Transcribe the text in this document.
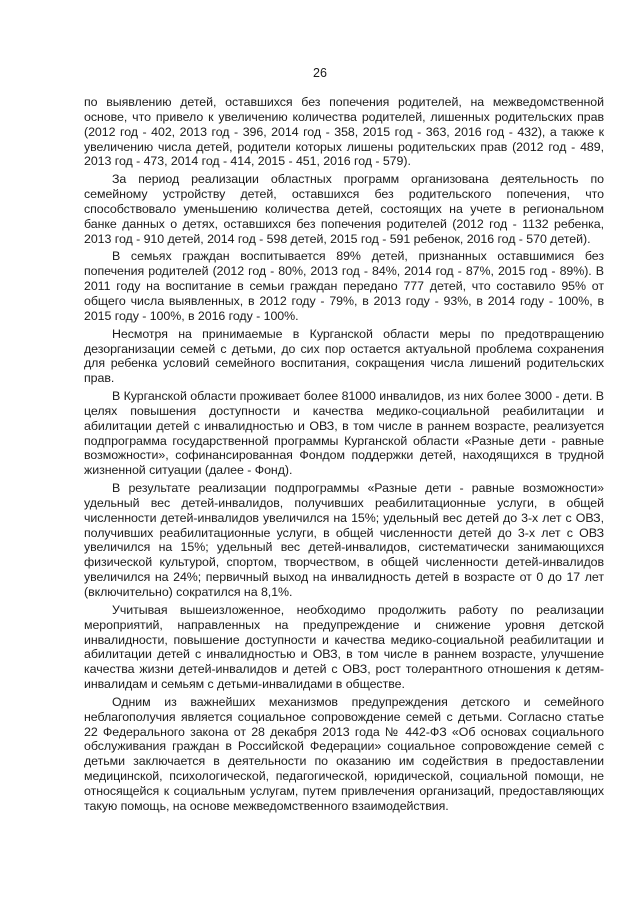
26

по выявлению детей, оставшихся без попечения родителей, на межведомственной основе, что привело к увеличению количества родителей, лишенных родительских прав (2012 год - 402, 2013 год - 396, 2014 год - 358, 2015 год - 363, 2016 год - 432), а также к увеличению числа детей, родители которых лишены родительских прав (2012 год - 489, 2013 год - 473, 2014 год - 414, 2015 - 451, 2016 год - 579).

За период реализации областных программ организована деятельность по семейному устройству детей, оставшихся без родительского попечения, что способствовало уменьшению количества детей, состоящих на учете в региональном банке данных о детях, оставшихся без попечения родителей (2012 год - 1132 ребенка, 2013 год - 910 детей, 2014 год - 598 детей, 2015 год - 591 ребенок, 2016 год - 570 детей).

В семьях граждан воспитывается 89% детей, признанных оставшимися без попечения родителей (2012 год - 80%, 2013 год - 84%, 2014 год - 87%, 2015 год - 89%). В 2011 году на воспитание в семьи граждан передано 777 детей, что составило 95% от общего числа выявленных, в 2012 году - 79%, в 2013 году - 93%, в 2014 году - 100%, в 2015 году - 100%, в 2016 году - 100%.

Несмотря на принимаемые в Курганской области меры по предотвращению дезорганизации семей с детьми, до сих пор остается актуальной проблема сохранения для ребенка условий семейного воспитания, сокращения числа лишений родительских прав.

В Курганской области проживает более 81000 инвалидов, из них более 3000 - дети. В целях повышения доступности и качества медико-социальной реабилитации и абилитации детей с инвалидностью и ОВЗ, в том числе в раннем возрасте, реализуется подпрограмма государственной программы Курганской области «Разные дети - равные возможности», софинансированная Фондом поддержки детей, находящихся в трудной жизненной ситуации (далее - Фонд).

В результате реализации подпрограммы «Разные дети - равные возможности» удельный вес детей-инвалидов, получивших реабилитационные услуги, в общей численности детей-инвалидов увеличился на 15%; удельный вес детей до 3-х лет с ОВЗ, получивших реабилитационные услуги, в общей численности детей до 3-х лет с ОВЗ увеличился на 15%; удельный вес детей-инвалидов, систематически занимающихся физической культурой, спортом, творчеством, в общей численности детей-инвалидов увеличился на 24%; первичный выход на инвалидность детей в возрасте от 0 до 17 лет (включительно) сократился на 8,1%.

Учитывая вышеизложенное, необходимо продолжить работу по реализации мероприятий, направленных на предупреждение и снижение уровня детской инвалидности, повышение доступности и качества медико-социальной реабилитации и абилитации детей с инвалидностью и ОВЗ, в том числе в раннем возрасте, улучшение качества жизни детей-инвалидов и детей с ОВЗ, рост толерантного отношения к детям-инвалидам и семьям с детьми-инвалидами в обществе.

Одним из важнейших механизмов предупреждения детского и семейного неблагополучия является социальное сопровождение семей с детьми. Согласно статье 22 Федерального закона от 28 декабря 2013 года № 442-ФЗ «Об основах социального обслуживания граждан в Российской Федерации» социальное сопровождение семей с детьми заключается в деятельности по оказанию им содействия в предоставлении медицинской, психологической, педагогической, юридической, социальной помощи, не относящейся к социальным услугам, путем привлечения организаций, предоставляющих такую помощь, на основе межведомственного взаимодействия.
